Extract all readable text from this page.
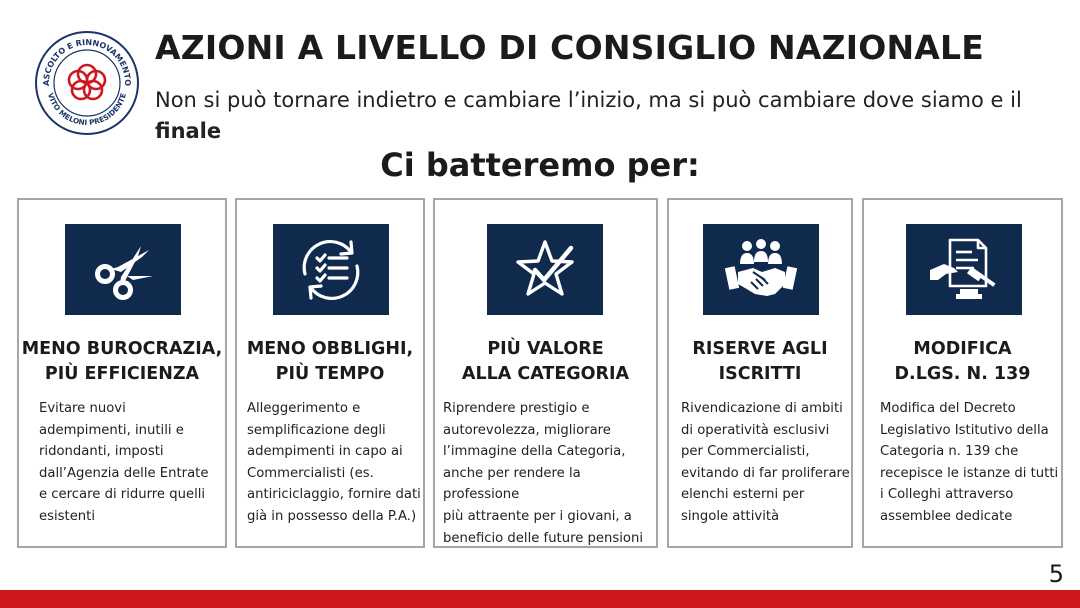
ASCOLTO E RINNOVAMENTO
VITO MELONI PRESIDENTE
AZIONI A LIVELLO DI CONSIGLIO NAZIONALE
Non si può tornare indietro e cambiare l’inizio, ma si può cambiare dove siamo e il finale
Ci batteremo per:
MENO BUROCRAZIA,
PIÙ EFFICIENZA
Evitare nuovi
adempimenti, inutili e
ridondanti, imposti
dall’Agenzia delle Entrate
e cercare di ridurre quelli
esistenti
MENO OBBLIGHI,
PIÙ TEMPO
Alleggerimento e
semplificazione degli
adempimenti in capo ai
Commercialisti (es.
antiriciclaggio, fornire dati
già in possesso della P.A.)
PIÙ VALORE
ALLA CATEGORIA
Riprendere prestigio e
autorevolezza, migliorare
l’immagine della Categoria,
anche per rendere la professione
più attraente per i giovani, a
beneficio delle future pensioni
RISERVE AGLI
ISCRITTI
Rivendicazione di ambiti
di operatività esclusivi
per Commercialisti,
evitando di far proliferare
elenchi esterni per
singole attività
MODIFICA
D.LGS. N. 139
Modifica del Decreto
Legislativo Istitutivo della
Categoria n. 139 che
recepisce le istanze di tutti
i Colleghi attraverso
assemblee dedicate
5
